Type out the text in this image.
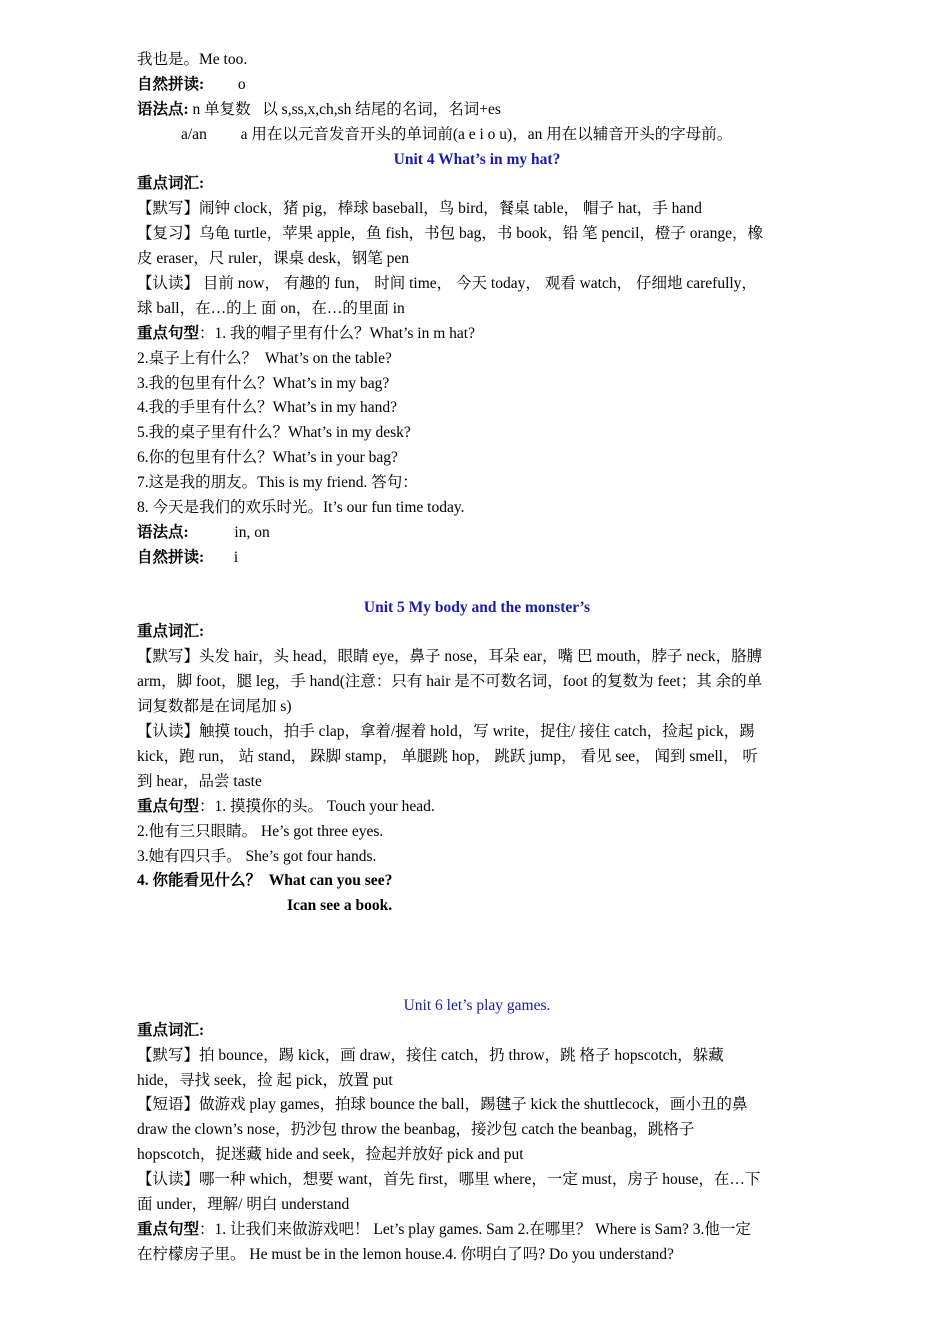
我也是。Me too.
自然拼读: o
语法点: n 单复数   以 s,ss,x,ch,sh 结尾的名词，名词+es
a/an a 用在以元音发音开头的单词前(a e i o u)，an 用在以辅音开头的字母前。
Unit 4 What’s in my hat?
重点词汇:
【默写】闹钟 clock，猪 pig，棒球 baseball，鸟 bird，餐桌 table， 帽子 hat，手 hand
【复习】乌龟 turtle，苹果 apple，鱼 fish，书包 bag，书 book，铅 笔 pencil，橙子 orange，橡
皮 eraser，尺 ruler，课桌 desk，钢笔 pen
【认读】 目前 now， 有趣的 fun， 时间 time， 今天 today， 观看 watch， 仔细地 carefully，
球 ball，在…的上 面 on，在…的里面 in
重点句型：1. 我的帽子里有什么？What’s in m hat?
2.桌子上有什么？  What’s on the table?
3.我的包里有什么？What’s in my bag?
4.我的手里有什么？What’s in my hand?
5.我的桌子里有什么？What’s in my desk?
6.你的包里有什么？What’s in your bag?
7.这是我的朋友。This is my friend. 答句：
8. 今天是我们的欢乐时光。It’s our fun time today.
语法点:	in, on
自然拼读: i
Unit 5 My body and the monster’s
重点词汇:
【默写】头发 hair，头 head，眼睛 eye，鼻子 nose，耳朵 ear，嘴 巴 mouth，脖子 neck，胳膊
arm，脚 foot，腿 leg，手 hand(注意：只有 hair 是不可数名词，foot 的复数为 feet；其 余的单
词复数都是在词尾加 s)
【认读】触摸 touch，拍手 clap，拿着/握着 hold，写 write，捉住/ 接住 catch，捡起 pick，踢
kick，跑 run， 站 stand， 跺脚 stamp， 单腿跳 hop， 跳跃 jump， 看见 see， 闻到 smell， 听
到 hear，品尝 taste
重点句型：1. 摸摸你的头。 Touch your head.
2.他有三只眼睛。 He’s got three eyes.
3.她有四只手。 She’s got four hands.
4. 你能看见什么？  What can you see?
Ican see a book.
Unit 6 let’s play games.
重点词汇:
【默写】拍 bounce，踢 kick，画 draw，接住 catch，扔 throw，跳 格子 hopscotch，躲藏
hide，寻找 seek，捡 起 pick，放置 put
【短语】做游戏 play games，拍球 bounce the ball，踢毽子 kick the shuttlecock，画小丑的鼻
draw the clown’s nose，扔沙包 throw the beanbag，接沙包 catch the beanbag，跳格子
hopscotch，捉迷藏 hide and seek，捡起并放好 pick and put
【认读】哪一种 which，想要 want，首先 first，哪里 where，一定 must，房子 house，在…下
面 under，理解/ 明白 understand
重点句型：1. 让我们来做游戏吧！ Let’s play games. Sam 2.在哪里？ Where is Sam? 3.他一定
在柠檬房子里。 He must be in the lemon house.4. 你明白了吗? Do you understand?
